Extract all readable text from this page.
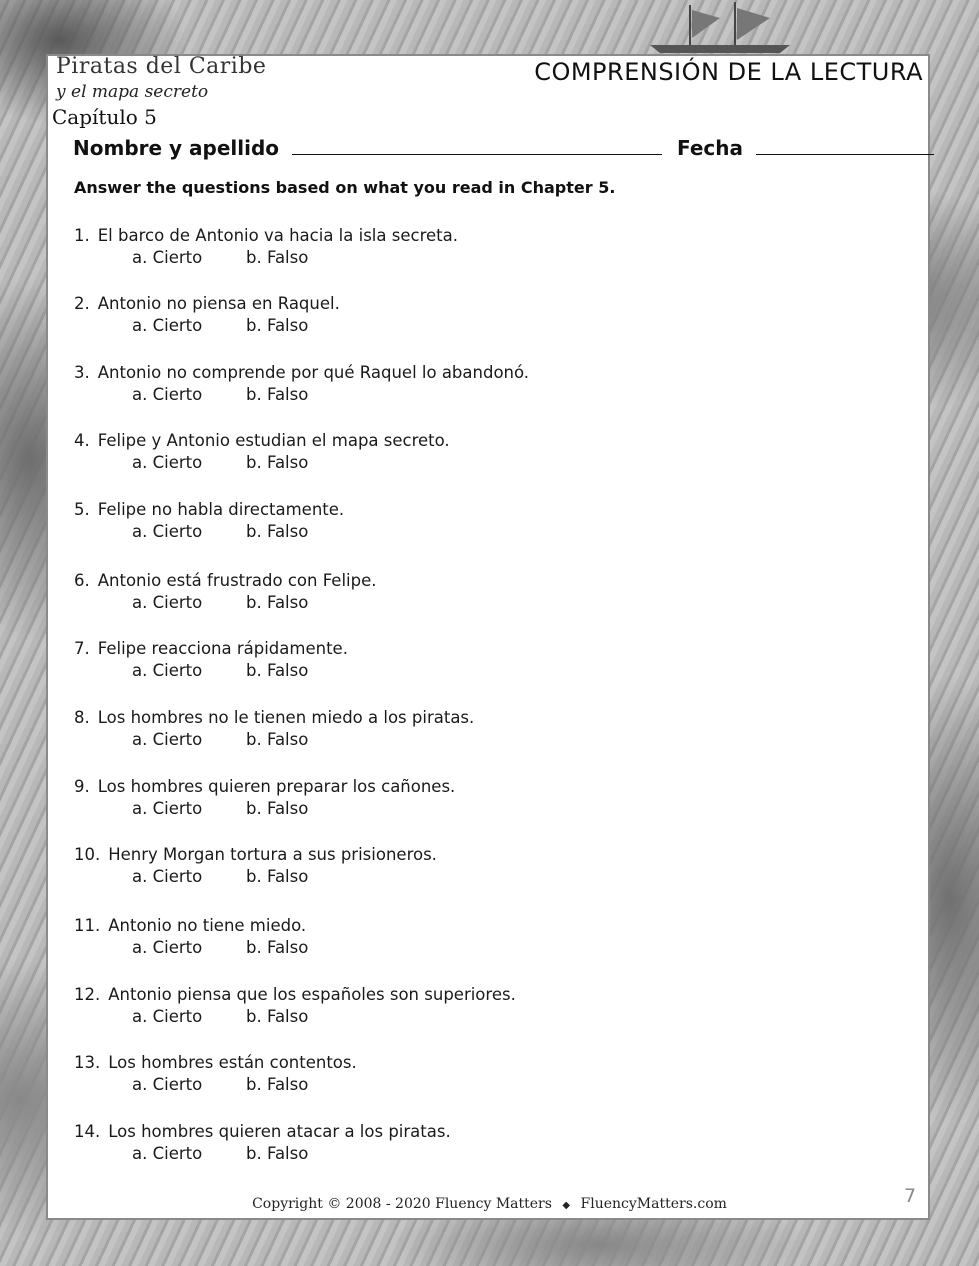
Piratas del Caribe
y el mapa secreto
Capítulo 5
COMPRENSIÓN DE LA LECTURA
Nombre y apellido	Fecha
Answer the questions based on what you read in Chapter 5.
1. El barco de Antonio va hacia la isla secreta.
a. Cierto	b. Falso
2. Antonio no piensa en Raquel.
a. Cierto	b. Falso
3. Antonio no comprende por qué Raquel lo abandonó.
a. Cierto	b. Falso
4. Felipe y Antonio estudian el mapa secreto.
a. Cierto	b. Falso
5. Felipe no habla directamente.
a. Cierto	b. Falso
6. Antonio está frustrado con Felipe.
a. Cierto	b. Falso
7. Felipe reacciona rápidamente.
a. Cierto	b. Falso
8. Los hombres no le tienen miedo a los piratas.
a. Cierto	b. Falso
9. Los hombres quieren preparar los cañones.
a. Cierto	b. Falso
10. Henry Morgan tortura a sus prisioneros.
a. Cierto	b. Falso
11. Antonio no tiene miedo.
a. Cierto	b. Falso
12. Antonio piensa que los españoles son superiores.
a. Cierto	b. Falso
13. Los hombres están contentos.
a. Cierto	b. Falso
14. Los hombres quieren atacar a los piratas.
a. Cierto	b. Falso
Copyright © 2008 - 2020 Fluency Matters ◆ FluencyMatters.com	7
